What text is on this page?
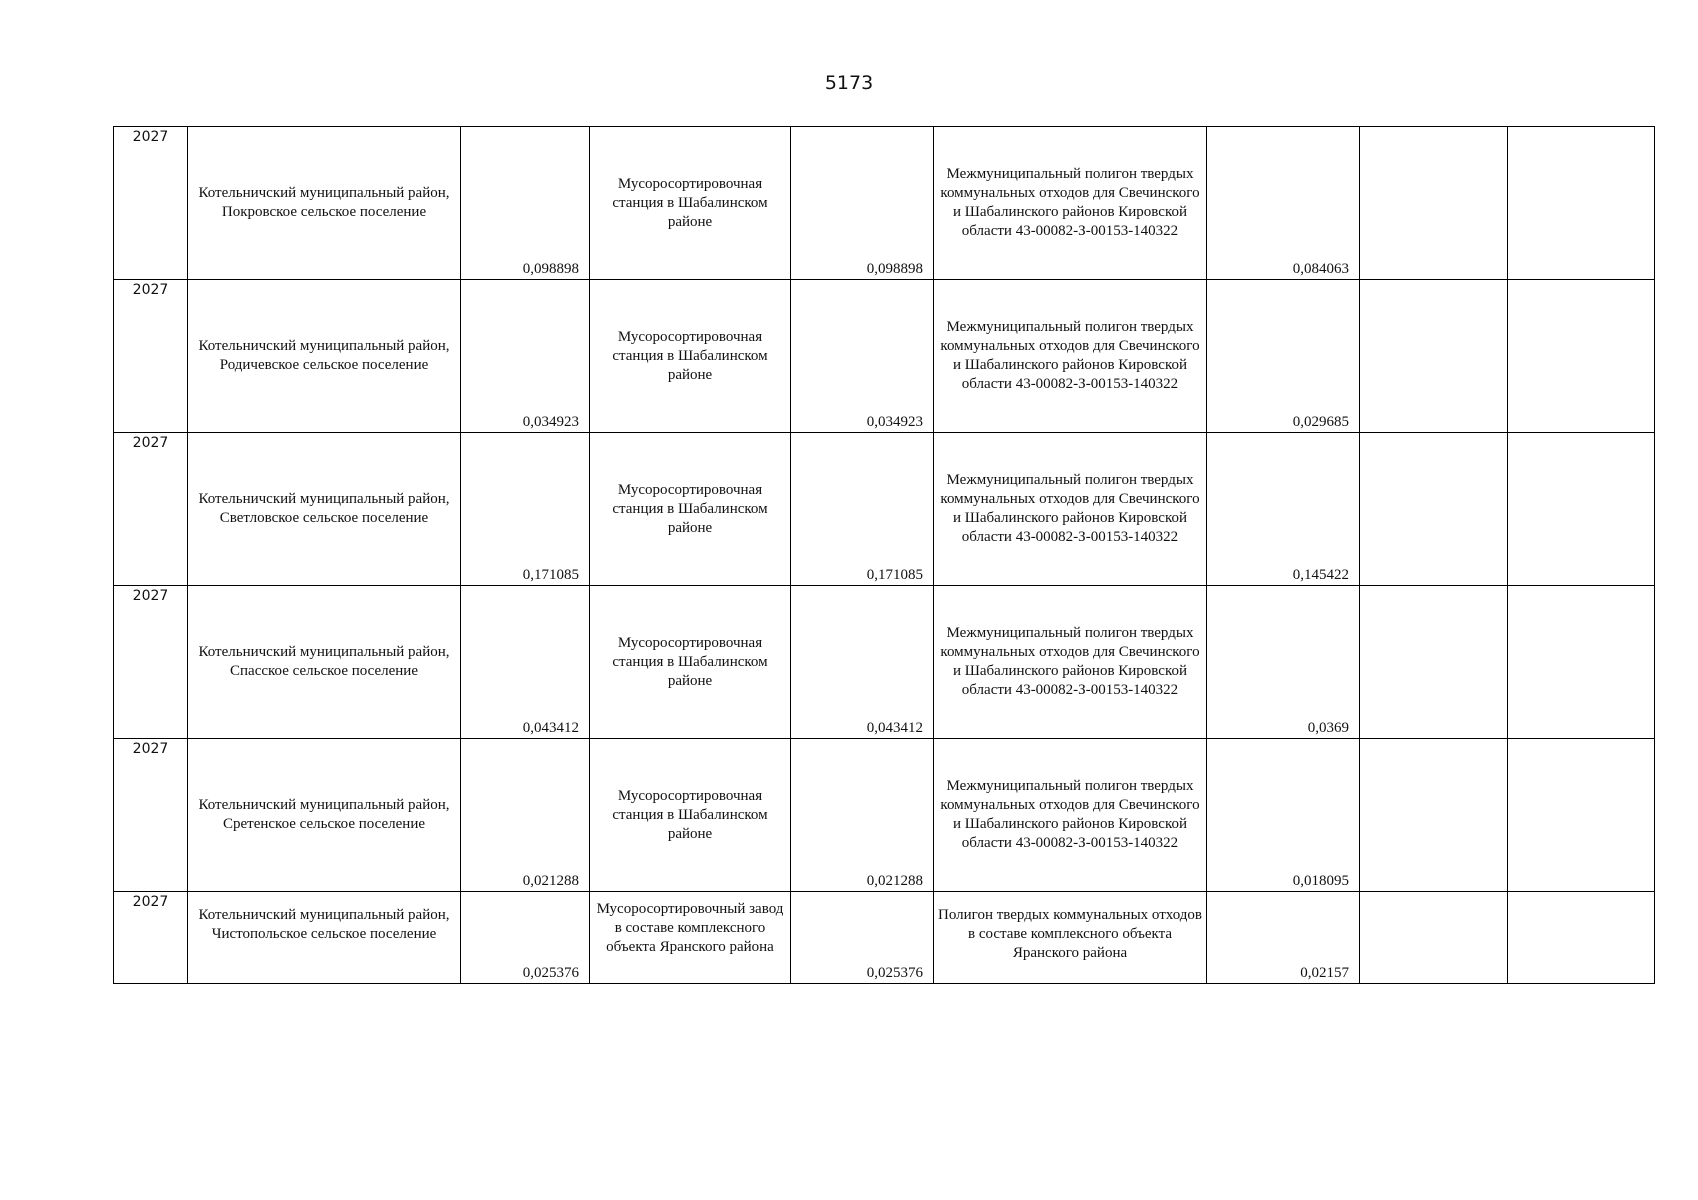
5173
2027	Котельничский муниципальный район, Покровское сельское поселение	0,098898	Мусоросортировочная станция в Шабалинском районе	0,098898	Межмуниципальный полигон твердых коммунальных отходов для Свечинского и Шабалинского районов Кировской области 43-00082-З-00153-140322	0,084063		

2027	Котельничский муниципальный район, Родичевское сельское поселение	0,034923	Мусоросортировочная станция в Шабалинском районе	0,034923	Межмуниципальный полигон твердых коммунальных отходов для Свечинского и Шабалинского районов Кировской области 43-00082-З-00153-140322	0,029685		

2027	Котельничский муниципальный район, Светловское сельское поселение	0,171085	Мусоросортировочная станция в Шабалинском районе	0,171085	Межмуниципальный полигон твердых коммунальных отходов для Свечинского и Шабалинского районов Кировской области 43-00082-З-00153-140322	0,145422		

2027	Котельничский муниципальный район, Спасское сельское поселение	0,043412	Мусоросортировочная станция в Шабалинском районе	0,043412	Межмуниципальный полигон твердых коммунальных отходов для Свечинского и Шабалинского районов Кировской области 43-00082-З-00153-140322	0,0369		

2027	Котельничский муниципальный район, Сретенское сельское поселение	0,021288	Мусоросортировочная станция в Шабалинском районе	0,021288	Межмуниципальный полигон твердых коммунальных отходов для Свечинского и Шабалинского районов Кировской области 43-00082-З-00153-140322	0,018095		

2027	Котельничский муниципальный район, Чистопольское сельское поселение	0,025376	Мусоросортировочный завод в составе комплексного объекта Яранского района	0,025376	Полигон твердых коммунальных отходов в составе комплексного объекта Яранского района	0,02157		
